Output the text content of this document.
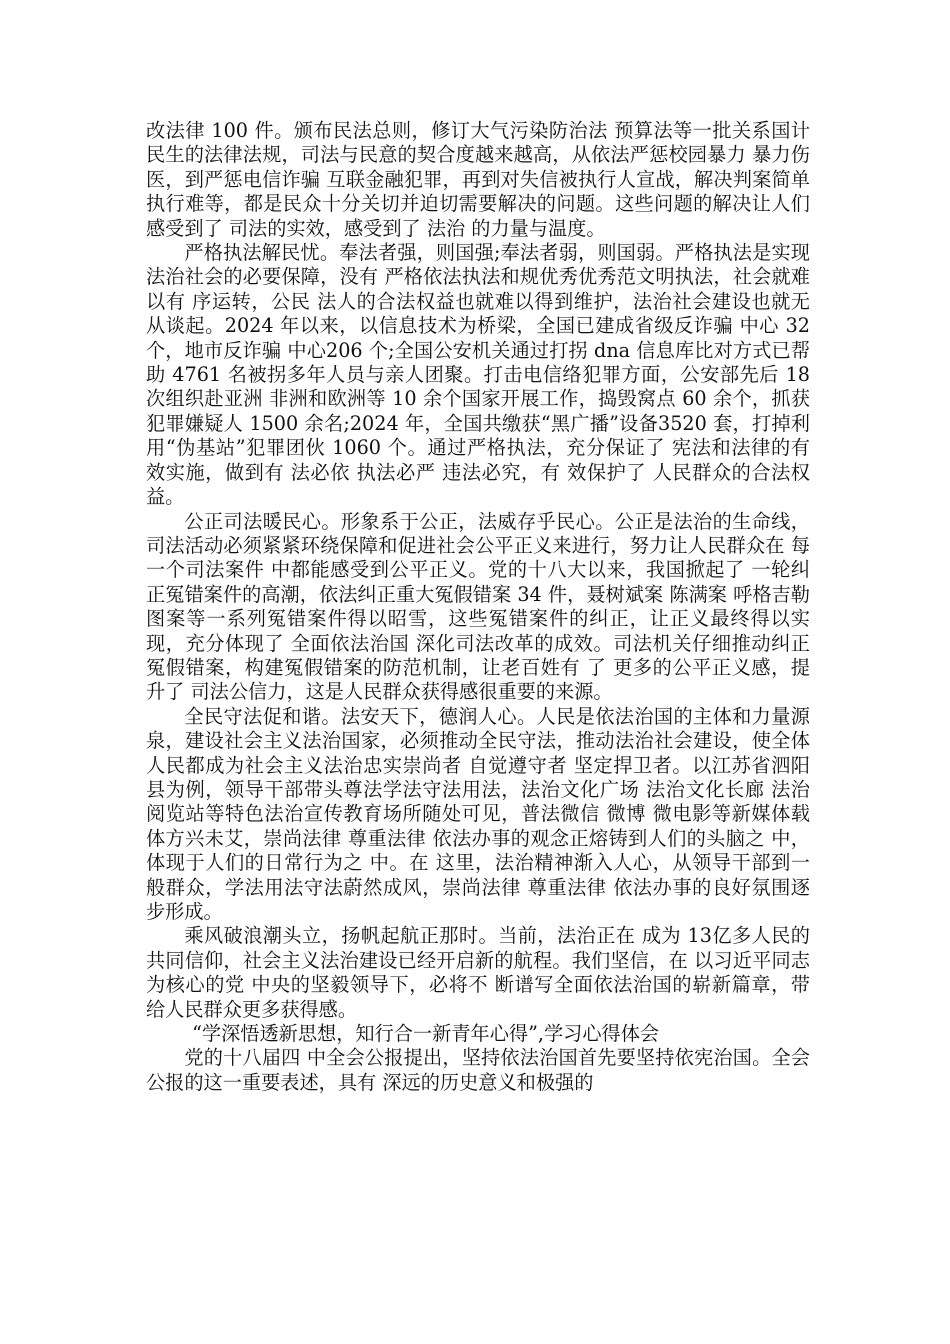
改法律 100 件。颁布民法总则，修订大气污染防治法 预算法等一批关系国计民生的法律法规，司法与民意的契合度越来越高，从依法严惩校园暴力 暴力伤医，到严惩电信诈骗 互联金融犯罪，再到对失信被执行人宣战，解决判案简单执行难等，都是民众十分关切并迫切需要解决的问题。这些问题的解决让人们感受到了 司法的实效，感受到了 法治 的力量与温度。

严格执法解民忧。奉法者强，则国强;奉法者弱，则国弱。严格执法是实现法治社会的必要保障，没有 严格依法执法和规优秀优秀范文明执法，社会就难以有 序运转，公民 法人的合法权益也就难以得到维护，法治社会建设也就无从谈起。2024 年以来，以信息技术为桥梁，全国已建成省级反诈骗 中心 32 个，地市反诈骗 中心206 个;全国公安机关通过打拐 dna 信息库比对方式已帮助 4761 名被拐多年人员与亲人团聚。打击电信络犯罪方面，公安部先后 18 次组织赴亚洲 非洲和欧洲等 10 余个国家开展工作，捣毁窝点 60 余个，抓获犯罪嫌疑人 1500 余名;2024 年，全国共缴获“黑广播”设备3520 套，打掉利用“伪基站”犯罪团伙 1060 个。通过严格执法，充分保证了 宪法和法律的有 效实施，做到有 法必依 执法必严 违法必究，有 效保护了 人民群众的合法权益。

公正司法暖民心。形象系于公正，法威存乎民心。公正是法治的生命线，司法活动必须紧紧环绕保障和促进社会公平正义来进行，努力让人民群众在 每一个司法案件 中都能感受到公平正义。党的十八大以来，我国掀起了 一轮纠正冤错案件的高潮，依法纠正重大冤假错案 34 件，聂树斌案 陈满案 呼格吉勒图案等一系列冤错案件得以昭雪，这些冤错案件的纠正，让正义最终得以实现，充分体现了 全面依法治国 深化司法改革的成效。司法机关仔细推动纠正冤假错案，构建冤假错案的防范机制，让老百姓有 了 更多的公平正义感，提升了 司法公信力，这是人民群众获得感很重要的来源。

全民守法促和谐。法安天下，德润人心。人民是依法治国的主体和力量源泉，建设社会主义法治国家，必须推动全民守法，推动法治社会建设，使全体人民都成为社会主义法治忠实崇尚者 自觉遵守者 坚定捍卫者。以江苏省泗阳县为例，领导干部带头尊法学法守法用法，法治文化广场 法治文化长廊 法治阅览站等特色法治宣传教育场所随处可见，普法微信 微博 微电影等新媒体载体方兴未艾，崇尚法律 尊重法律 依法办事的观念正熔铸到人们的头脑之 中，体现于人们的日常行为之 中。在 这里，法治精神渐入人心，从领导干部到一般群众，学法用法守法蔚然成风，崇尚法律 尊重法律 依法办事的良好氛围逐步形成。

乘风破浪潮头立，扬帆起航正那时。当前，法治正在 成为 13亿多人民的共同信仰，社会主义法治建设已经开启新的航程。我们坚信，在 以习近平同志为核心的党 中央的坚毅领导下，必将不 断谱写全面依法治国的崭新篇章，带给人民群众更多获得感。

“学深悟透新思想，知行合一新青年心得”,学习心得体会

党的十八届四 中全会公报提出，坚持依法治国首先要坚持依宪治国。全会公报的这一重要表述，具有 深远的历史意义和极强的
